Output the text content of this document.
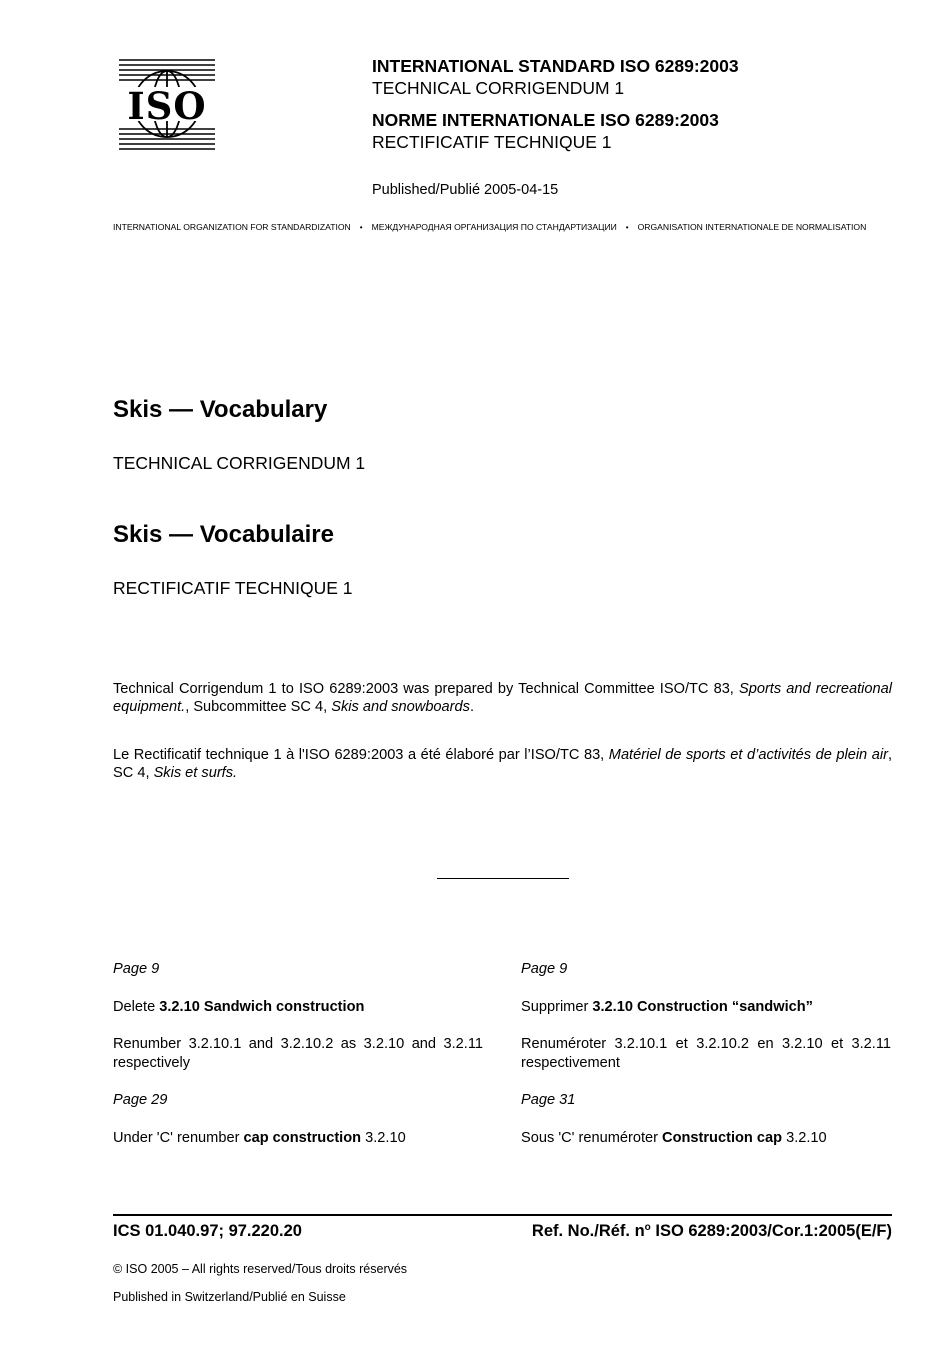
ISO
INTERNATIONAL STANDARD ISO 6289:2003
TECHNICAL CORRIGENDUM 1
NORME INTERNATIONALE ISO 6289:2003
RECTIFICATIF TECHNIQUE 1
Published/Publié 2005-04-15
INTERNATIONAL ORGANIZATION FOR STANDARDIZATION • МЕЖДУНАРОДНАЯ ОРГАНИЗАЦИЯ ПО СТАНДАРТИЗАЦИИ • ORGANISATION INTERNATIONALE DE NORMALISATION
Skis — Vocabulary
TECHNICAL CORRIGENDUM 1
Skis — Vocabulaire
RECTIFICATIF TECHNIQUE 1
Technical Corrigendum 1 to ISO 6289:2003 was prepared by Technical Committee ISO/TC 83, Sports and recreational equipment., Subcommittee SC 4, Skis and snowboards.
Le Rectificatif technique 1 à l'ISO 6289:2003 a été élaboré par l’ISO/TC 83, Matériel de sports et d’activités de plein air, SC 4, Skis et surfs.
Page 9
Delete 3.2.10 Sandwich construction
Renumber 3.2.10.1 and 3.2.10.2 as 3.2.10 and 3.2.11 respectively
Page 29
Under 'C' renumber cap construction 3.2.10
Page 9
Supprimer 3.2.10 Construction “sandwich”
Renuméroter 3.2.10.1 et 3.2.10.2 en 3.2.10 et 3.2.11 respectivement
Page 31
Sous 'C' renuméroter Construction cap 3.2.10
ICS 01.040.97; 97.220.20	Ref. No./Réf. $n^o$ ISO 6289:2003/Cor.1:2005(E/F)
© ISO 2005 – All rights reserved/Tous droits réservés
Published in Switzerland/Publié en Suisse
